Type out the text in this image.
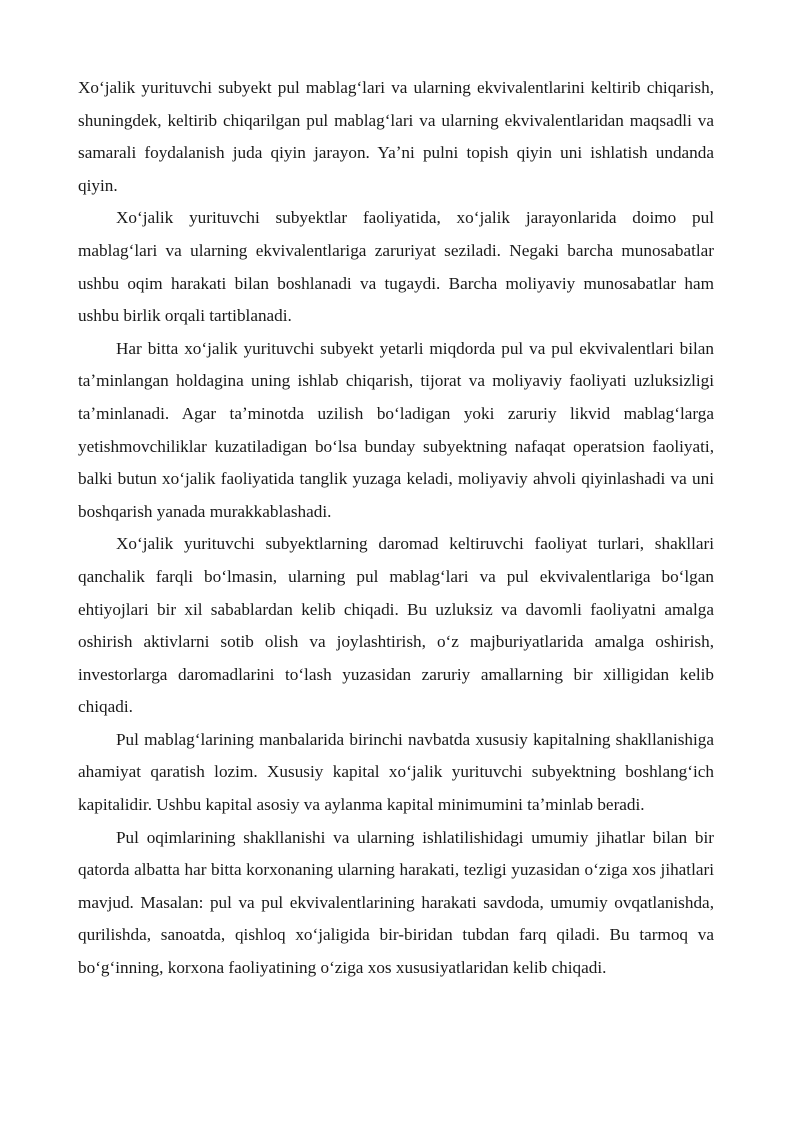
Xoʻjalik yurituvchi subyekt pul mablagʻlari va ularning ekvivalentlarini keltirib chiqarish, shuningdek, keltirib chiqarilgan pul mablagʻlari va ularning ekvivalentlaridan maqsadli va samarali foydalanish juda qiyin jarayon. Yaʼni pulni topish qiyin uni ishlatish undanda qiyin.

Xoʻjalik yurituvchi subyektlar faoliyatida, xoʻjalik jarayonlarida doimo pul mablagʻlari va ularning ekvivalentlariga zaruriyat seziladi. Negaki barcha munosabatlar ushbu oqim harakati bilan boshlanadi va tugaydi. Barcha moliyaviy munosabatlar ham ushbu birlik orqali tartiblanadi.

Har bitta xoʻjalik yurituvchi subyekt yetarli miqdorda pul va pul ekvivalentlari bilan taʼminlangan holdagina uning ishlab chiqarish, tijorat va moliyaviy faoliyati uzluksizligi taʼminlanadi. Agar taʼminotda uzilish boʻladigan yoki zaruriy likvid mablagʻlarga yetishmovchiliklar kuzatiladigan boʻlsa bunday subyektning nafaqat operatsion faoliyati, balki butun xoʻjalik faoliyatida tanglik yuzaga keladi, moliyaviy ahvoli qiyinlashadi va uni boshqarish yanada murakkablashadi.

Xoʻjalik yurituvchi subyektlarning daromad keltiruvchi faoliyat turlari, shakllari qanchalik farqli boʻlmasin, ularning pul mablagʻlari va pul ekvivalentlariga boʻlgan ehtiyojlari bir xil sabablardan kelib chiqadi. Bu uzluksiz va davomli faoliyatni amalga oshirish aktivlarni sotib olish va joylashtirish, oʻz majburiyatlarida amalga oshirish, investorlarga daromadlarini toʻlash yuzasidan zaruriy amallarning bir xilligidan kelib chiqadi.

Pul mablagʻlarining manbalarida birinchi navbatda xususiy kapitalning shakllanishiga ahamiyat qaratish lozim. Xususiy kapital xoʻjalik yurituvchi subyektning boshlangʻich kapitalidir. Ushbu kapital asosiy va aylanma kapital minimumini taʼminlab beradi.

Pul oqimlarining shakllanishi va ularning ishlatilishidagi umumiy jihatlar bilan bir qatorda albatta har bitta korxonaning ularning harakati, tezligi yuzasidan oʻziga xos jihatlari mavjud. Masalan: pul va pul ekvivalentlarining harakati savdoda, umumiy ovqatlanishda, qurilishda, sanoatda, qishloq xoʻjaligida bir-biridan tubdan farq qiladi. Bu tarmoq va boʻgʻinning, korxona faoliyatining oʻziga xos xususiyatlaridan kelib chiqadi.
